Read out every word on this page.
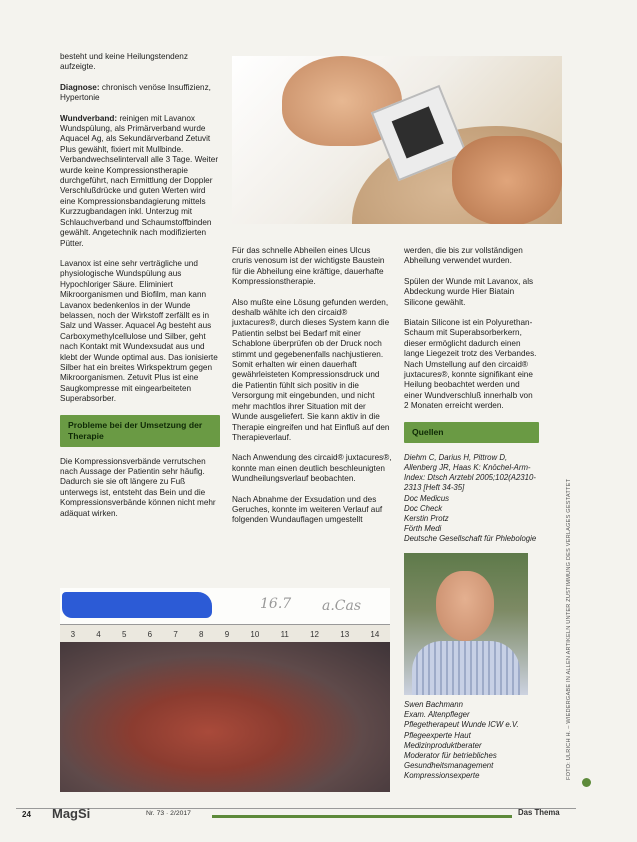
besteht und keine Heilungstendenz aufzeigte.

Diagnose: chronisch venöse Insuffizienz, Hypertonie

Wundverband: reinigen mit Lavanox Wundspülung, als Primärverband wurde Aquacel Ag, als Sekundärverband Zetuvit Plus gewählt, fixiert mit Mullbinde. Verbandwechselintervall alle 3 Tage. Weiter wurde keine Kompressionstherapie durchgeführt, nach Ermittlung der Doppler Verschlußdrücke und guten Werten wird eine Kompressionsbandagierung mittels Kurzzugbandagen inkl. Unterzug mit Schlauchverband und Schaumstoffbinden gewählt. Angetechnik nach modifizierten Pütter.

Lavanox ist eine sehr verträgliche und physiologische Wundspülung aus Hypochloriger Säure. Eliminiert Mikroorganismen und Biofilm, man kann Lavanox bedenkenlos in der Wunde belassen, noch der Wirkstoff zerfällt es in Salz und Wasser. Aquacel Ag besteht aus Carboxymethylcellulose und Silber, geht nach Kontakt mit Wundexsudat aus und klebt der Wunde optimal aus. Das ionisierte Silber hat ein breites Wirkspektrum gegen Mikroorganismen. Zetuvit Plus ist eine Saugkompresse mit eingearbeiteten Superabsorber.

Probleme bei der Umsetzung der Therapie

Die Kompressionsverbände verrutschen nach Aussage der Patientin sehr häufig. Dadurch sie sie oft längere zu Fuß unterwegs ist, entsteht das Bein und die Kompressionsverbände können nicht mehr adäquat wirken.

Für das schnelle Abheilen eines Ulcus cruris venosum ist der wichtigste Baustein für die Abheilung eine kräftige, dauerhafte Kompressionstherapie.

Also mußte eine Lösung gefunden werden, deshalb wählte ich den circaid® juxtacures®, durch dieses System kann die Patientin selbst bei Bedarf mit einer Schablone überprüfen ob der Druck noch stimmt und gegebenenfalls nachjustieren. Somit erhalten wir einen dauerhaft gewährleisteten Kompressionsdruck und die Patientin fühlt sich positiv in die Versorgung mit eingebunden, und nicht mehr machtlos ihrer Situation mit der Wunde ausgeliefert. Sie kann aktiv in die Therapie eingreifen und hat Einfluß auf den Therapieverlauf.

Nach Anwendung des circaid® juxtacures®, konnte man einen deutlich beschleunigten Wundheilungsverlauf beobachten.

Nach Abnahme der Exsudation und des Geruches, konnte im weiteren Verlauf auf folgenden Wundauflagen umgestellt

werden, die bis zur vollständigen Abheilung verwendet wurden.

Spülen der Wunde mit Lavanox, als Abdeckung wurde Hier Biatain Silicone gewählt.

Biatain Silicone ist ein Polyurethan-Schaum mit Superabsorberkern, dieser ermöglicht dadurch einen lange Liegezeit trotz des Verbandes. Nach Umstellung auf den circaid® juxtacures®, konnte signifikant eine Heilung beobachtet werden und einer Wundverschluß innerhalb von 2 Monaten erreicht werden.

Quellen
Diehm C, Darius H, Pittrow D, Allenberg JR, Haas K: Knöchel-Arm-Index: Dtsch Arztebl 2005;102(A2310-2313 [Heft 34-35]
Doc Medicus
Doc Check
Kerstin Protz
Förth Medi
Deutsche Gesellschaft für Phlebologie
16.7 a.Cas
3	4	5	6	7	8	9	10	11	12	13	14
Swen Bachmann
Exam. Altenpfleger
Pflegetherapeut Wunde ICW e.V.
Pflegeexperte Haut
Medizinproduktberater
Moderator für betriebliches Gesundheitsmanagement
Kompressionsexperte	FOTO: ULRICH H. – WIEDERGABE IN ALLEN ARTIKELN UNTER ZUSTIMMUNG DES VERLAGES GESTATTET
24 MagSi	Nr. 73 · 2/2017	Das Thema
